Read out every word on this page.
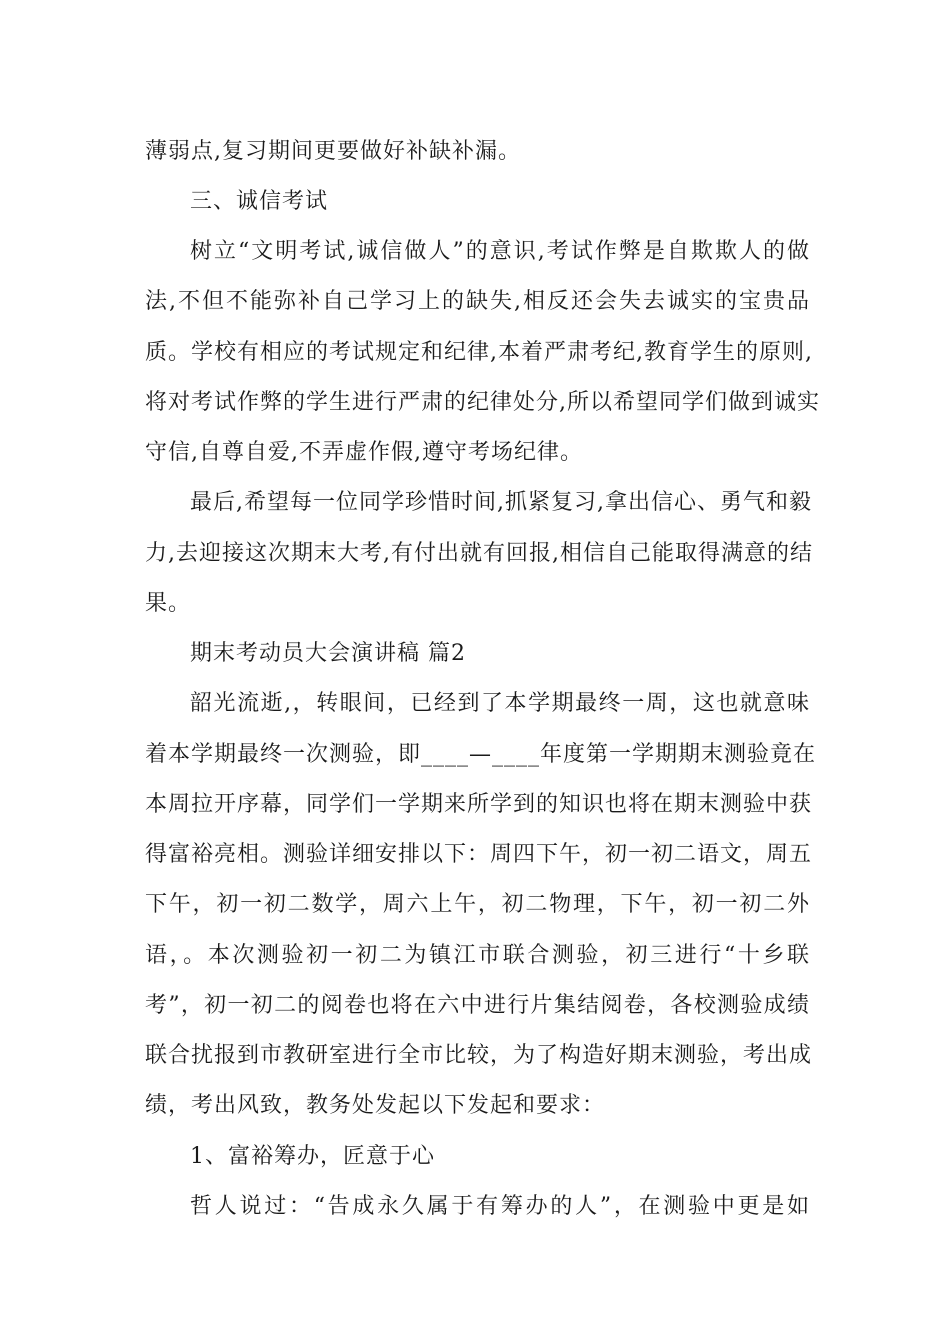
薄弱点,复习期间更要做好补缺补漏。
三、诚信考试
树立“文明考试,诚信做人”的意识,考试作弊是自欺欺人的做
法,不但不能弥补自己学习上的缺失,相反还会失去诚实的宝贵品
质。学校有相应的考试规定和纪律,本着严肃考纪,教育学生的原则,
将对考试作弊的学生进行严肃的纪律处分,所以希望同学们做到诚实
守信,自尊自爱,不弄虚作假,遵守考场纪律。
最后,希望每一位同学珍惜时间,抓紧复习,拿出信心、勇气和毅
力,去迎接这次期末大考,有付出就有回报,相信自己能取得满意的结
果。
期末考动员大会演讲稿 篇2
韶光流逝,，转眼间，已经到了本学期最终一周，这也就意味
着本学期最终一次测验，即____—____年度第一学期期末测验竟在
本周拉开序幕，同学们一学期来所学到的知识也将在期末测验中获
得富裕亮相。测验详细安排以下：周四下午，初一初二语文，周五
下午，初一初二数学，周六上午，初二物理，下午，初一初二外
语，。本次测验初一初二为镇江市联合测验，初三进行“十乡联
考”，初一初二的阅卷也将在六中进行片集结阅卷，各校测验成绩
联合扰报到市教研室进行全市比较，为了构造好期末测验，考出成
绩，考出风致，教务处发起以下发起和要求：
1、富裕筹办，匠意于心
哲人说过：“告成永久属于有筹办的人”，在测验中更是如
